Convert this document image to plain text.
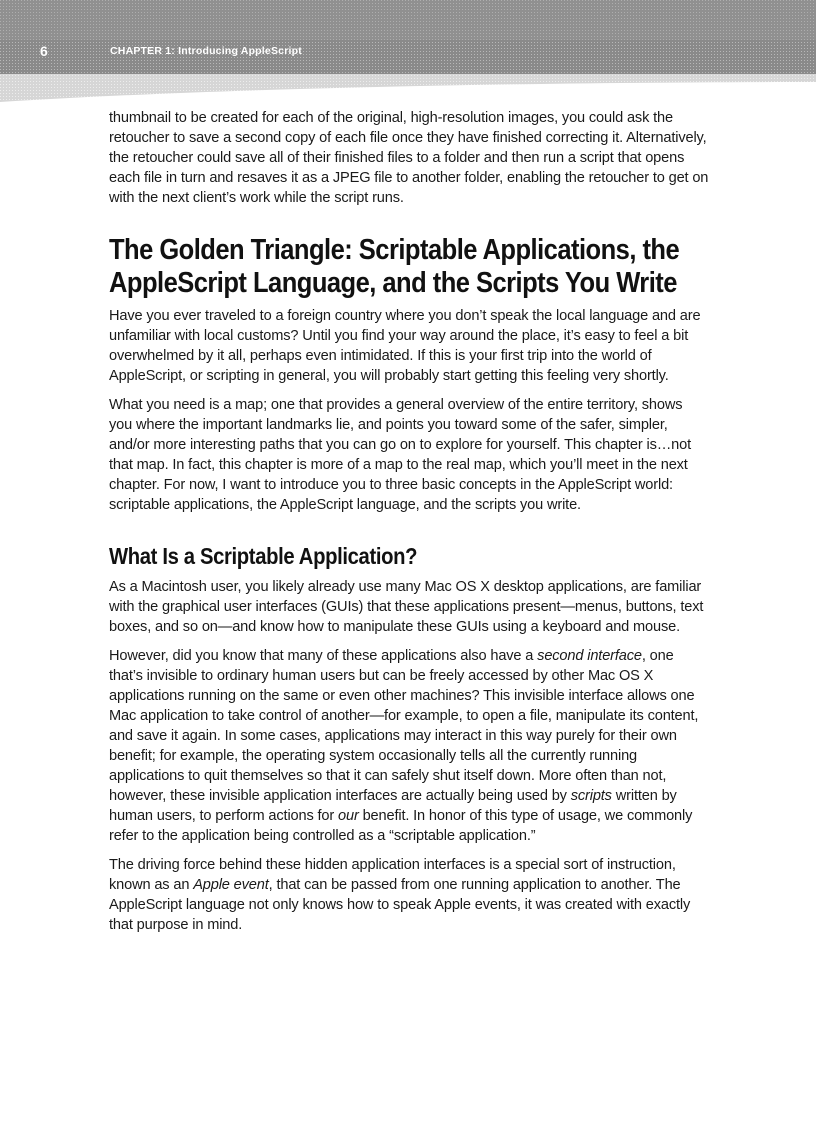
6	CHAPTER 1: Introducing AppleScript

thumbnail to be created for each of the original, high-resolution images, you could ask the retoucher to save a second copy of each file once they have finished correcting it. Alternatively, the retoucher could save all of their finished files to a folder and then run a script that opens each file in turn and resaves it as a JPEG file to another folder, enabling the retoucher to get on with the next client’s work while the script runs.

The Golden Triangle: Scriptable Applications, the
AppleScript Language, and the Scripts You Write

Have you ever traveled to a foreign country where you don’t speak the local language and are unfamiliar with local customs? Until you find your way around the place, it’s easy to feel a bit overwhelmed by it all, perhaps even intimidated. If this is your first trip into the world of AppleScript, or scripting in general, you will probably start getting this feeling very shortly.

What you need is a map; one that provides a general overview of the entire territory, shows you where the important landmarks lie, and points you toward some of the safer, simpler, and/or more interesting paths that you can go on to explore for yourself. This chapter is…not that map. In fact, this chapter is more of a map to the real map, which you’ll meet in the next chapter. For now, I want to introduce you to three basic concepts in the AppleScript world: scriptable applications, the AppleScript language, and the scripts you write.

What Is a Scriptable Application?

As a Macintosh user, you likely already use many Mac OS X desktop applications, are familiar with the graphical user interfaces (GUIs) that these applications present—menus, buttons, text boxes, and so on—and know how to manipulate these GUIs using a keyboard and mouse.

However, did you know that many of these applications also have a second interface, one that’s invisible to ordinary human users but can be freely accessed by other Mac OS X applications running on the same or even other machines? This invisible interface allows one Mac application to take control of another—for example, to open a file, manipulate its content, and save it again. In some cases, applications may interact in this way purely for their own benefit; for example, the operating system occasionally tells all the currently running applications to quit themselves so that it can safely shut itself down. More often than not, however, these invisible application interfaces are actually being used by scripts written by human users, to perform actions for our benefit. In honor of this type of usage, we commonly refer to the application being controlled as a “scriptable application.”

The driving force behind these hidden application interfaces is a special sort of instruction, known as an Apple event, that can be passed from one running application to another. The AppleScript language not only knows how to speak Apple events, it was created with exactly that purpose in mind.
